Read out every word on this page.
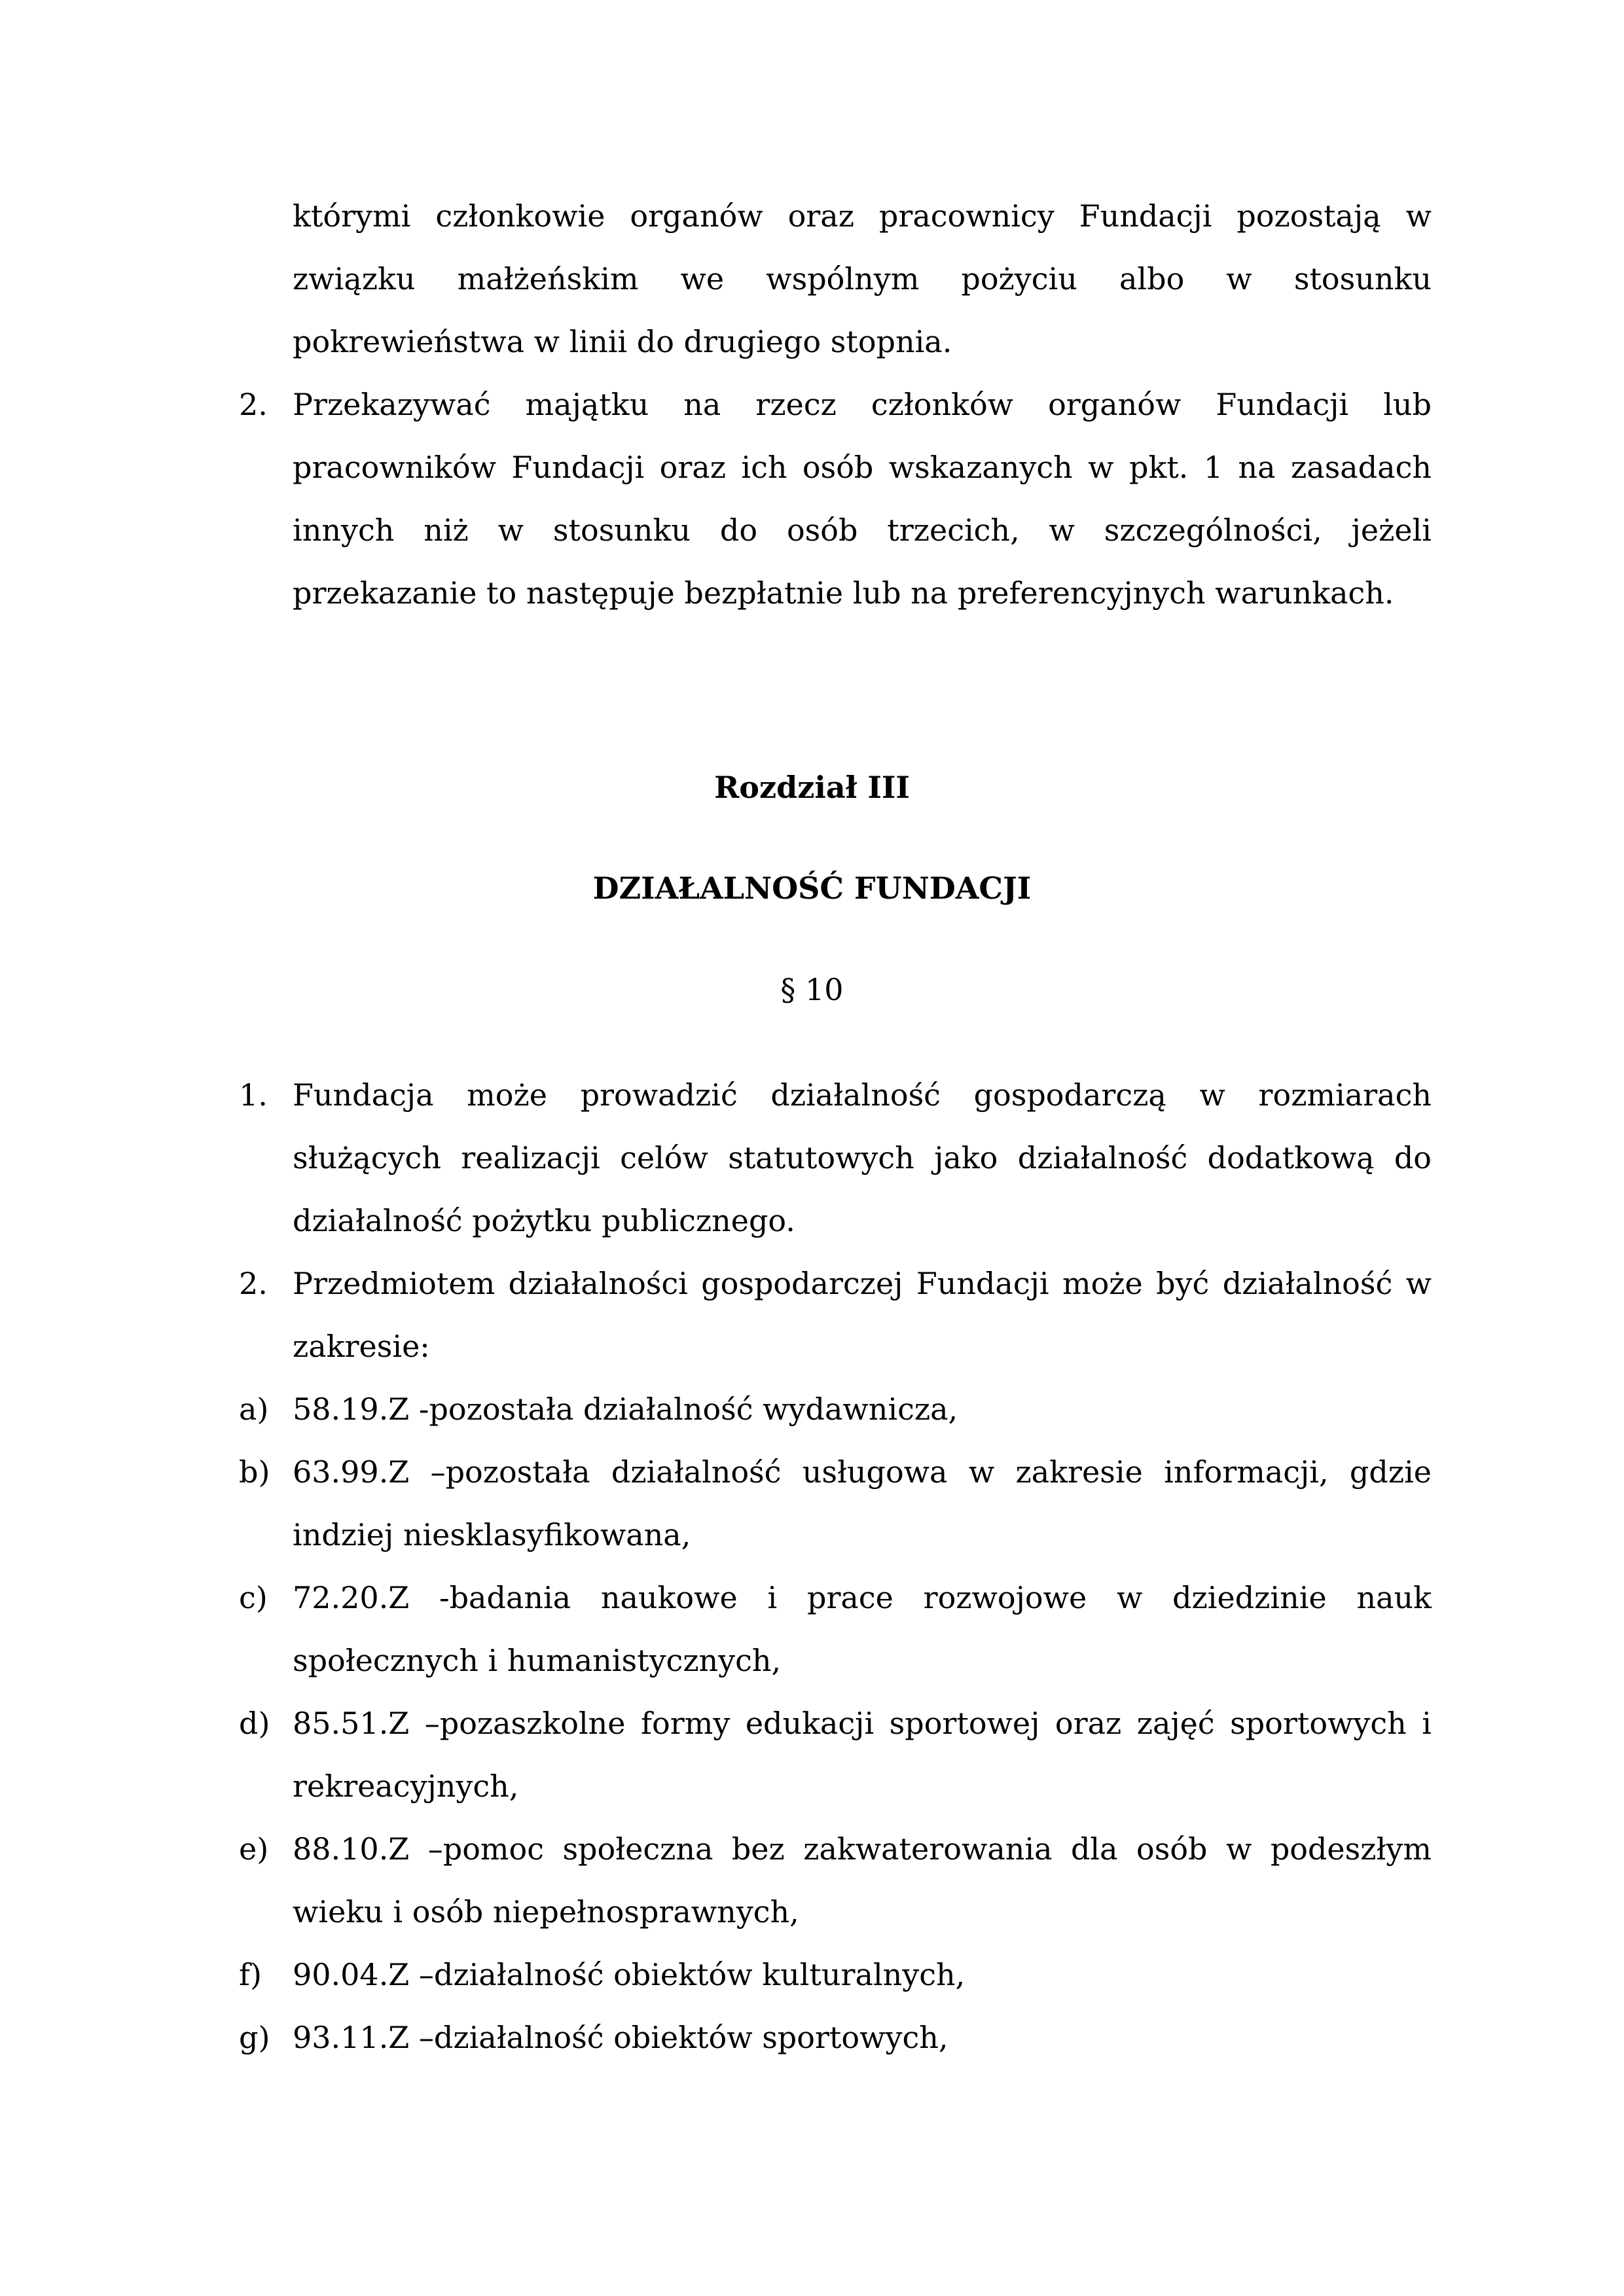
którymi członkowie organów oraz pracownicy Fundacji pozostają w
związku małżeńskim we wspólnym pożyciu albo w stosunku
pokrewieństwa w linii do drugiego stopnia.
2. Przekazywać majątku na rzecz członków organów Fundacji lub pracowników Fundacji oraz ich osób wskazanych w pkt. 1 na zasadach innych niż w stosunku do osób trzecich, w szczególności, jeżeli przekazanie to następuje bezpłatnie lub na preferencyjnych warunkach.
Rozdział III
DZIAŁALNOŚĆ FUNDACJI
§ 10
1. Fundacja może prowadzić działalność gospodarczą w rozmiarach służących realizacji celów statutowych jako działalność dodatkową do działalność pożytku publicznego.
2. Przedmiotem działalności gospodarczej Fundacji może być działalność w zakresie:
a) 58.19.Z -pozostała działalność wydawnicza,
b) 63.99.Z –pozostała działalność usługowa w zakresie informacji, gdzie indziej niesklasyfikowana,
c) 72.20.Z -badania naukowe i prace rozwojowe w dziedzinie nauk społecznych i humanistycznych,
d) 85.51.Z –pozaszkolne formy edukacji sportowej oraz zajęć sportowych i rekreacyjnych,
e) 88.10.Z –pomoc społeczna bez zakwaterowania dla osób w podeszłym wieku i osób niepełnosprawnych,
f)	90.04.Z –działalność obiektów kulturalnych,
g) 93.11.Z –działalność obiektów sportowych,
